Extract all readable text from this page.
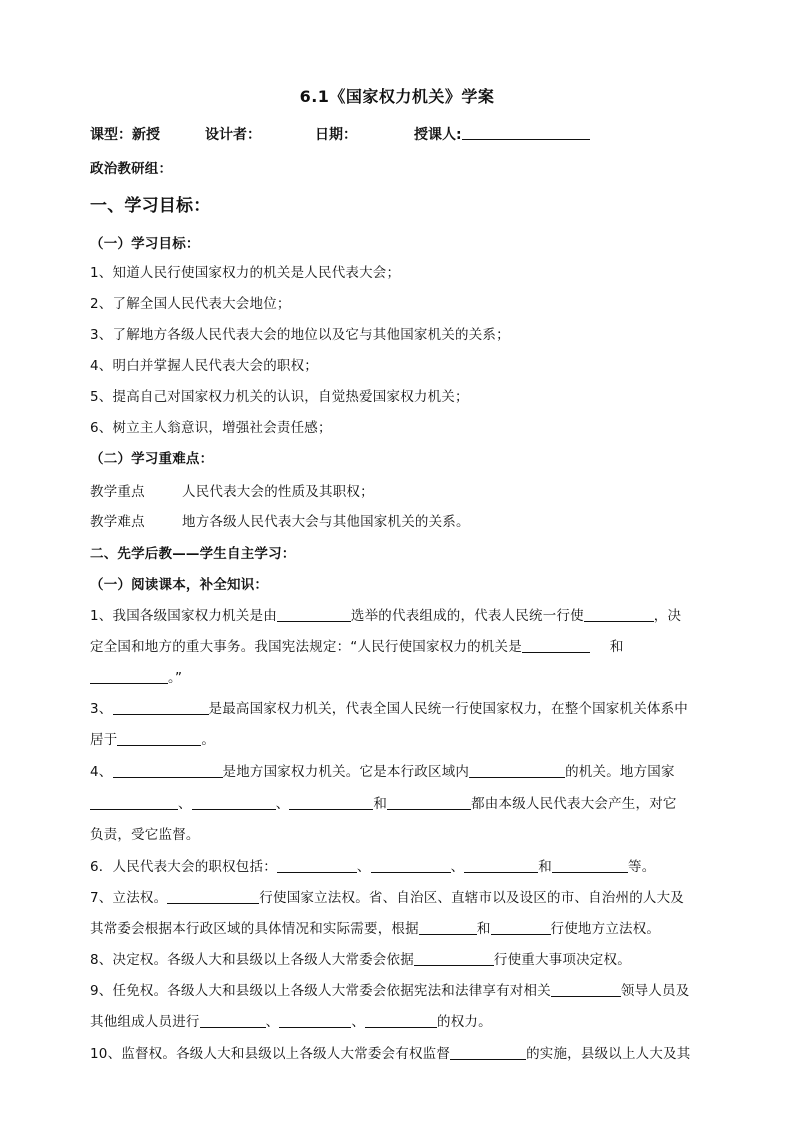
6.1《国家权力机关》学案
课型：新授	设计者：	日期：	授课人:
政治教研组：
一、学习目标：
（一）学习目标：
1、知道人民行使国家权力的机关是人民代表大会；
2、了解全国人民代表大会地位；
3、了解地方各级人民代表大会的地位以及它与其他国家机关的关系；
4、明白并掌握人民代表大会的职权；
5、提高自己对国家权力机关的认识，自觉热爱国家权力机关；
6、树立主人翁意识，增强社会责任感；
（二）学习重难点：
教学重点	人民代表大会的性质及其职权；
教学难点	地方各级人民代表大会与其他国家机关的关系。
二、先学后教——学生自主学习：
（一）阅读课本，补全知识：
1、我国各级国家权力机关是由	选举的代表组成的，代表人民统一行使	，决
定全国和地方的重大事务。我国宪法规定：“人民行使国家权力的机关是	和
。”
3、	是最高国家权力机关，代表全国人民统一行使国家权力，在整个国家机关体系中
居于	。
4、	是地方国家权力机关。它是本行政区域内	的机关。地方国家
、	、	和	都由本级人民代表大会产生，对它
负责，受它监督。
6．人民代表大会的职权包括：	、	、	和	等。
7、立法权。	行使国家立法权。省、自治区、直辖市以及设区的市、自治州的人大及
其常委会根据本行政区域的具体情况和实际需要，根据	和	行使地方立法权。
8、决定权。各级人大和县级以上各级人大常委会依据	行使重大事项决定权。
9、任免权。各级人大和县级以上各级人大常委会依据宪法和法律享有对相关	领导人员及
其他组成人员进行	、	、	的权力。
10、监督权。各级人大和县级以上各级人大常委会有权监督	的实施，县级以上人大及其
